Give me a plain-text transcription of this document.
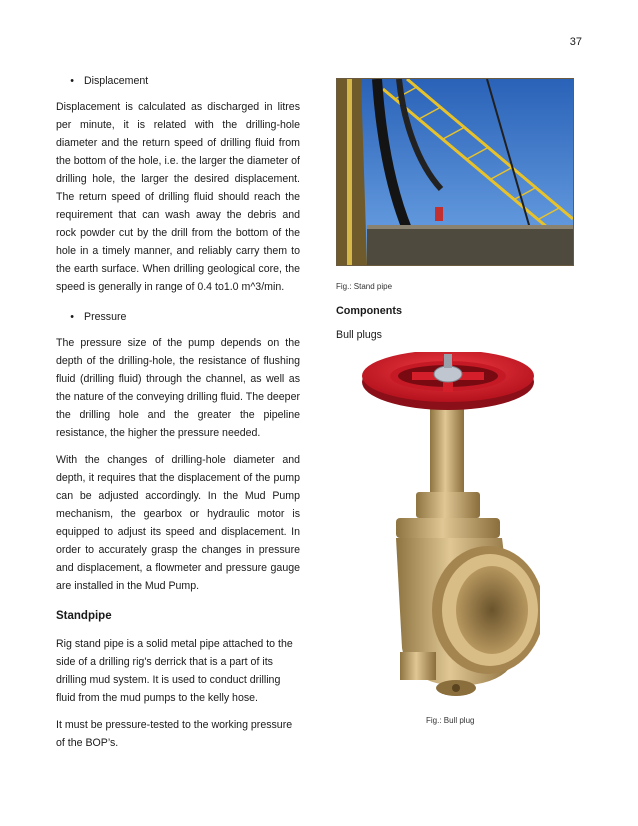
37
• Displacement

Displacement is calculated as discharged in litres per minute, it is related with the drilling-hole diameter and the return speed of drilling fluid from the bottom of the hole, i.e. the larger the diameter of drilling hole, the larger the desired displacement. The return speed of drilling fluid should reach the requirement that can wash away the debris and rock powder cut by the drill from the bottom of the hole in a timely manner, and reliably carry them to the earth surface. When drilling geological core, the speed is generally in range of 0.4 to1.0 m^3/min.

• Pressure

The pressure size of the pump depends on the depth of the drilling-hole, the resistance of flushing fluid (drilling fluid) through the channel, as well as the nature of the conveying drilling fluid. The deeper the drilling hole and the greater the pipeline resistance, the higher the pressure needed.

With the changes of drilling-hole diameter and depth, it requires that the displacement of the pump can be adjusted accordingly. In the Mud Pump mechanism, the gearbox or hydraulic motor is equipped to adjust its speed and displacement. In order to accurately grasp the changes in pressure and displacement, a flowmeter and pressure gauge are installed in the Mud Pump.

Standpipe

Rig stand pipe is a solid metal pipe attached to the side of a drilling rig's derrick that is a part of its drilling mud system. It is used to conduct drilling fluid from the mud pumps to the kelly hose.

It must be pressure-tested to the working pressure of the BOP’s.

Fig.: Stand pipe
Components
Bull plugs
Fig.: Bull plug
